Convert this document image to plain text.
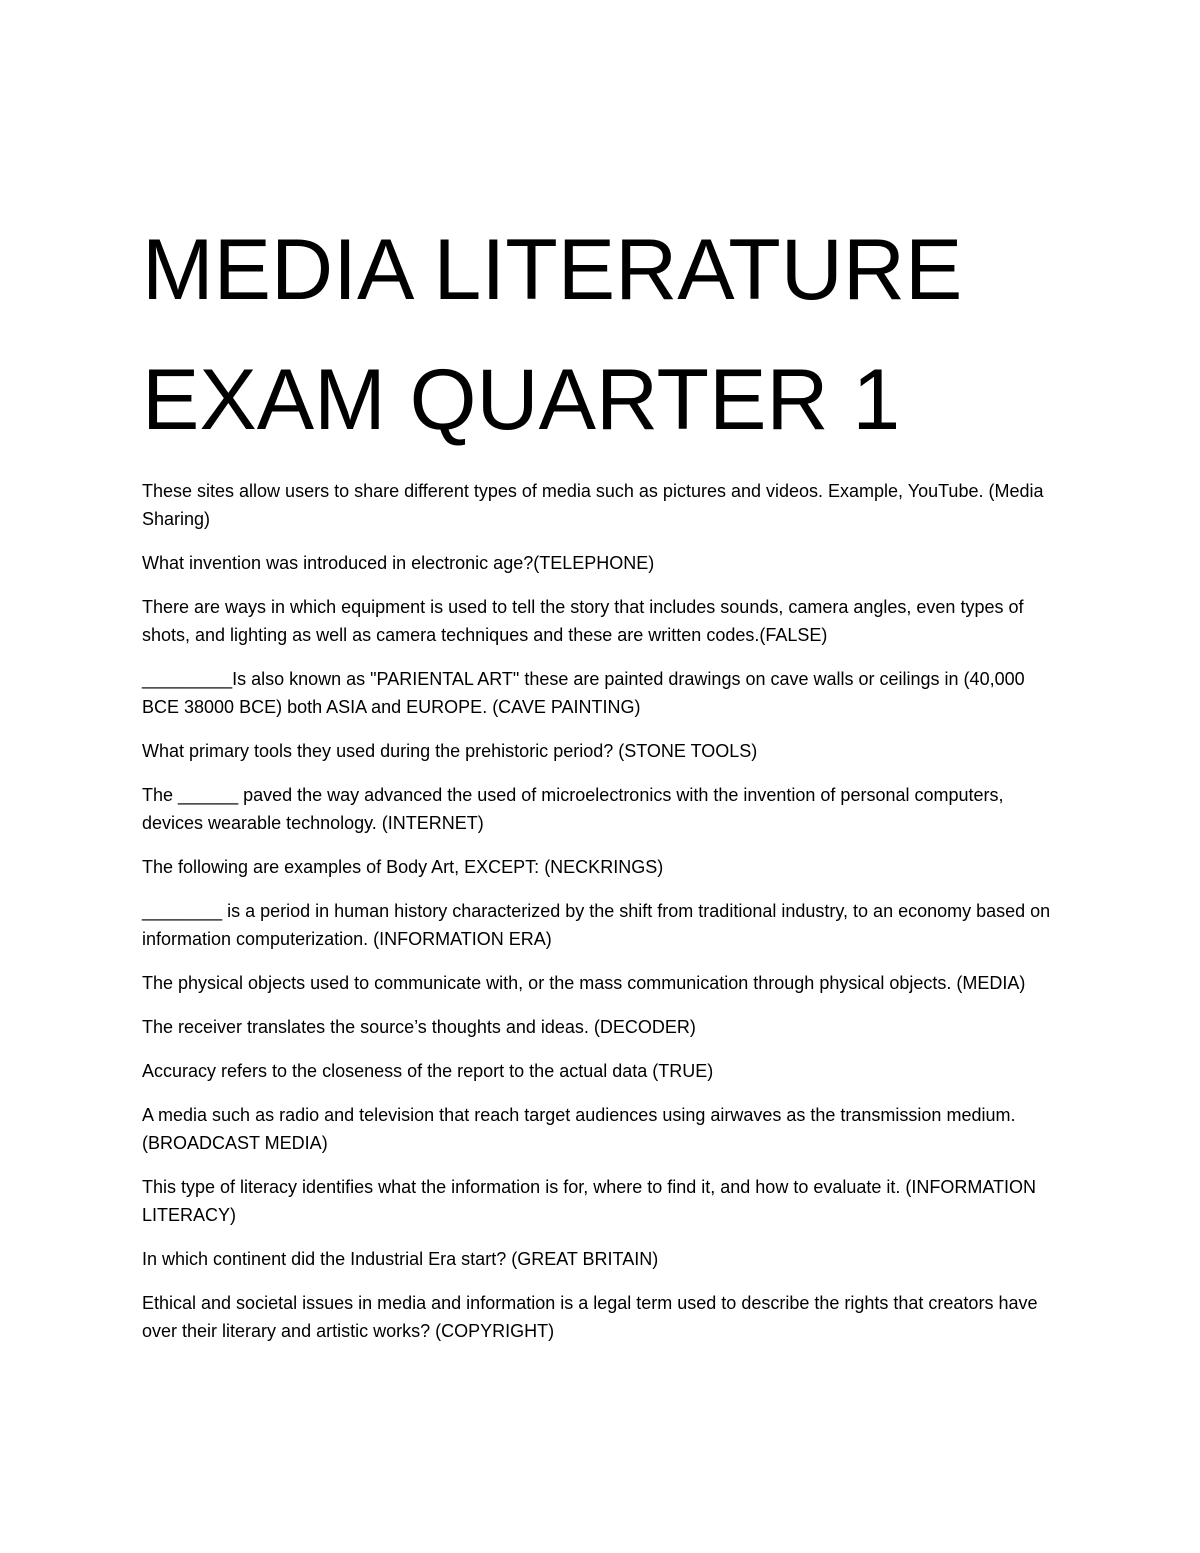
MEDIA LITERATURE
EXAM QUARTER 1

These sites allow users to share different types of media such as pictures and videos. Example, YouTube. (Media Sharing)

What invention was introduced in electronic age?(TELEPHONE)

There are ways in which equipment is used to tell the story that includes sounds, camera angles, even types of shots, and lighting as well as camera techniques and these are written codes.(FALSE)

_________Is also known as "PARIENTAL ART" these are painted drawings on cave walls or ceilings in (40,000 BCE 38000 BCE) both ASIA and EUROPE. (CAVE PAINTING)

What primary tools they used during the prehistoric period? (STONE TOOLS)

The ______ paved the way advanced the used of microelectronics with the invention of personal computers, devices wearable technology. (INTERNET)

The following are examples of Body Art, EXCEPT: (NECKRINGS)

________ is a period in human history characterized by the shift from traditional industry, to an economy based on information computerization. (INFORMATION ERA)

The physical objects used to communicate with, or the mass communication through physical objects. (MEDIA)

The receiver translates the source’s thoughts and ideas. (DECODER)

Accuracy refers to the closeness of the report to the actual data (TRUE)

A media such as radio and television that reach target audiences using airwaves as the transmission medium. (BROADCAST MEDIA)

This type of literacy identifies what the information is for, where to find it, and how to evaluate it. (INFORMATION LITERACY)

In which continent did the Industrial Era start? (GREAT BRITAIN)

Ethical and societal issues in media and information is a legal term used to describe the rights that creators have over their literary and artistic works? (COPYRIGHT)
